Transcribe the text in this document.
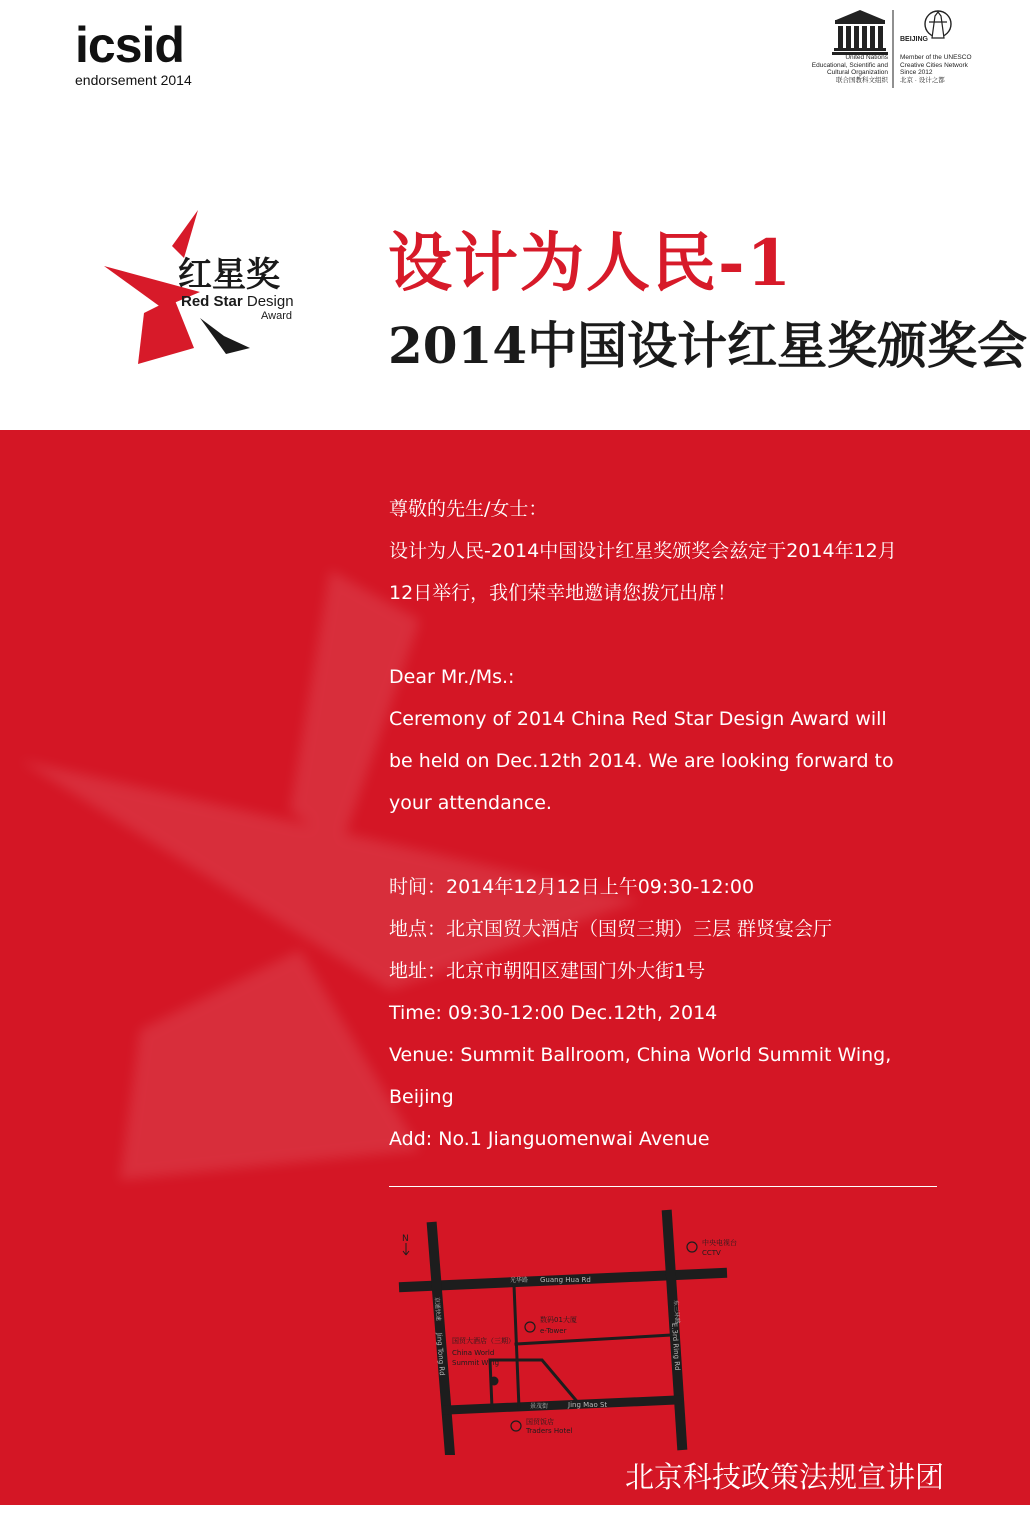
icsid
endorsement 2014
United Nations
Educational, Scientific and
Cultural Organization
联合国教科文组织
BEIJING
Member of the UNESCO
Creative Cities Network
Since 2012
北京 · 设计之都
红星奖
Red Star Design
Award
设计为人民-1
2014中国设计红星奖颁奖会
N	中央电视台
CCTV
光华路 Guang Hua Rd
数码01大厦
e-Tower
东三环路
E.3rd Ring Rd
京通快速
Jing Tong Rd 国贸大酒店（三期）
China World
Summit Wing
景茂街	Jing Mao St
国贸饭店
Traders Hotel
尊敬的先生/女士：
设计为人民-2014中国设计红星奖颁奖会兹定于2014年12月
12日举行，我们荣幸地邀请您拨冗出席！
Dear Mr./Ms.:
Ceremony of 2014 China Red Star Design Award will
be held on Dec.12th 2014. We are looking forward to
your attendance.
时间：2014年12月12日上午09:30-12:00
地点：北京国贸大酒店（国贸三期）三层 群贤宴会厅
地址：北京市朝阳区建国门外大街1号
Time: 09:30-12:00 Dec.12th, 2014
Venue: Summit Ballroom, China World Summit Wing,
Beijing
Add: No.1 Jianguomenwai Avenue
北京科技政策法规宣讲团
